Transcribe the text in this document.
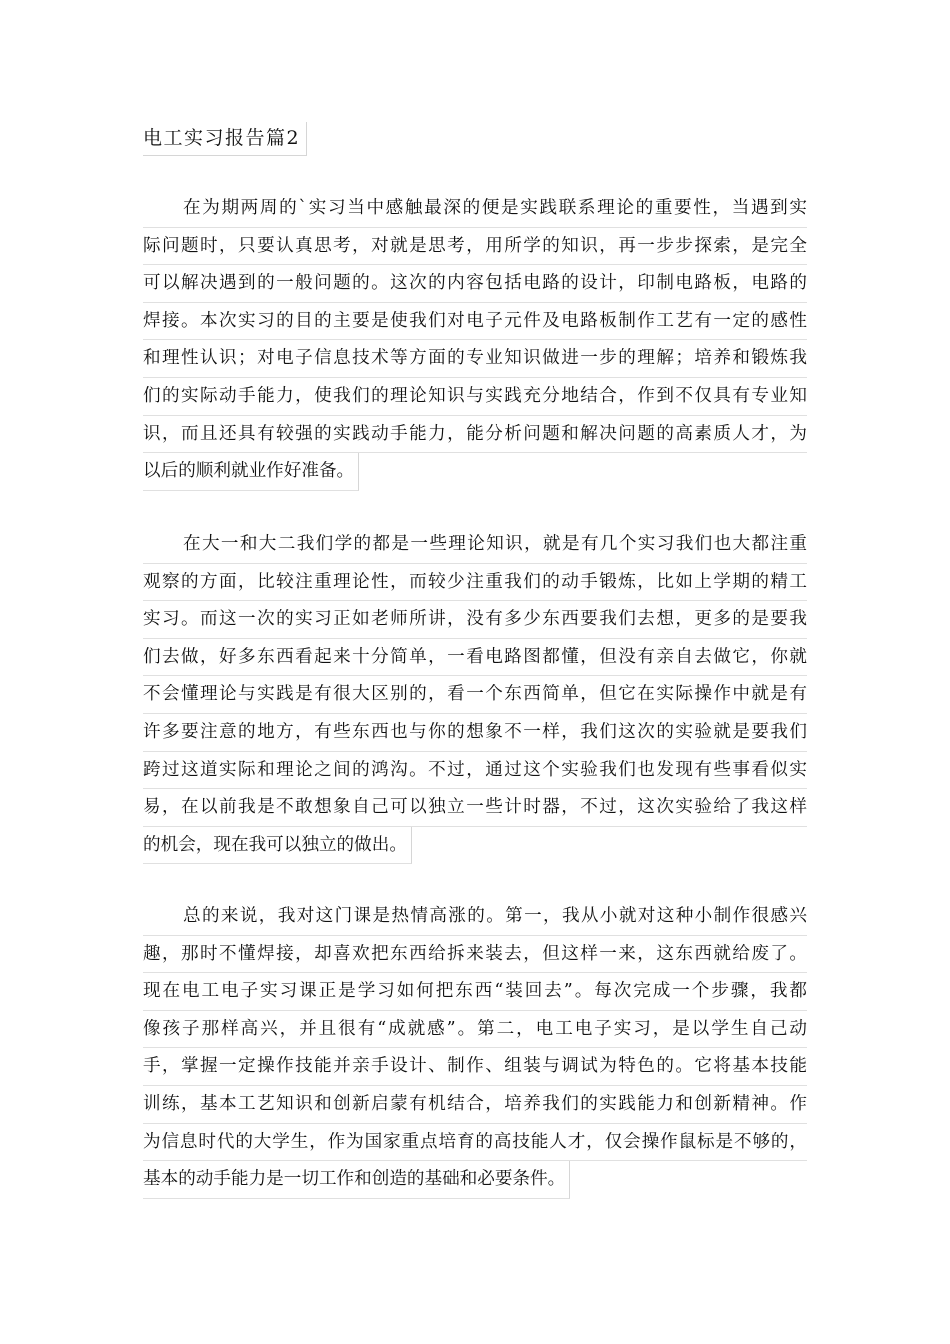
电工实习报告篇2
在为期两周的`实习当中感触最深的便是实践联系理论的重要性，当遇到实
际问题时，只要认真思考，对就是思考，用所学的知识，再一步步探索，是完全
可以解决遇到的一般问题的。这次的内容包括电路的设计，印制电路板，电路的
焊接。本次实习的目的主要是使我们对电子元件及电路板制作工艺有一定的感性
和理性认识；对电子信息技术等方面的专业知识做进一步的理解；培养和锻炼我
们的实际动手能力，使我们的理论知识与实践充分地结合，作到不仅具有专业知
识，而且还具有较强的实践动手能力，能分析问题和解决问题的高素质人才，为
以后的顺利就业作好准备。
在大一和大二我们学的都是一些理论知识，就是有几个实习我们也大都注重
观察的方面，比较注重理论性，而较少注重我们的动手锻炼，比如上学期的精工
实习。而这一次的实习正如老师所讲，没有多少东西要我们去想，更多的是要我
们去做，好多东西看起来十分简单，一看电路图都懂，但没有亲自去做它，你就
不会懂理论与实践是有很大区别的，看一个东西简单，但它在实际操作中就是有
许多要注意的地方，有些东西也与你的想象不一样，我们这次的实验就是要我们
跨过这道实际和理论之间的鸿沟。不过，通过这个实验我们也发现有些事看似实
易，在以前我是不敢想象自己可以独立一些计时器，不过，这次实验给了我这样
的机会，现在我可以独立的做出。
总的来说，我对这门课是热情高涨的。第一，我从小就对这种小制作很感兴
趣，那时不懂焊接，却喜欢把东西给拆来装去，但这样一来，这东西就给废了。
现在电工电子实习课正是学习如何把东西“装回去”。每次完成一个步骤，我都
像孩子那样高兴，并且很有“成就感”。第二，电工电子实习，是以学生自己动
手，掌握一定操作技能并亲手设计、制作、组装与调试为特色的。它将基本技能
训练，基本工艺知识和创新启蒙有机结合，培养我们的实践能力和创新精神。作
为信息时代的大学生，作为国家重点培育的高技能人才，仅会操作鼠标是不够的，
基本的动手能力是一切工作和创造的基础和必要条件。
